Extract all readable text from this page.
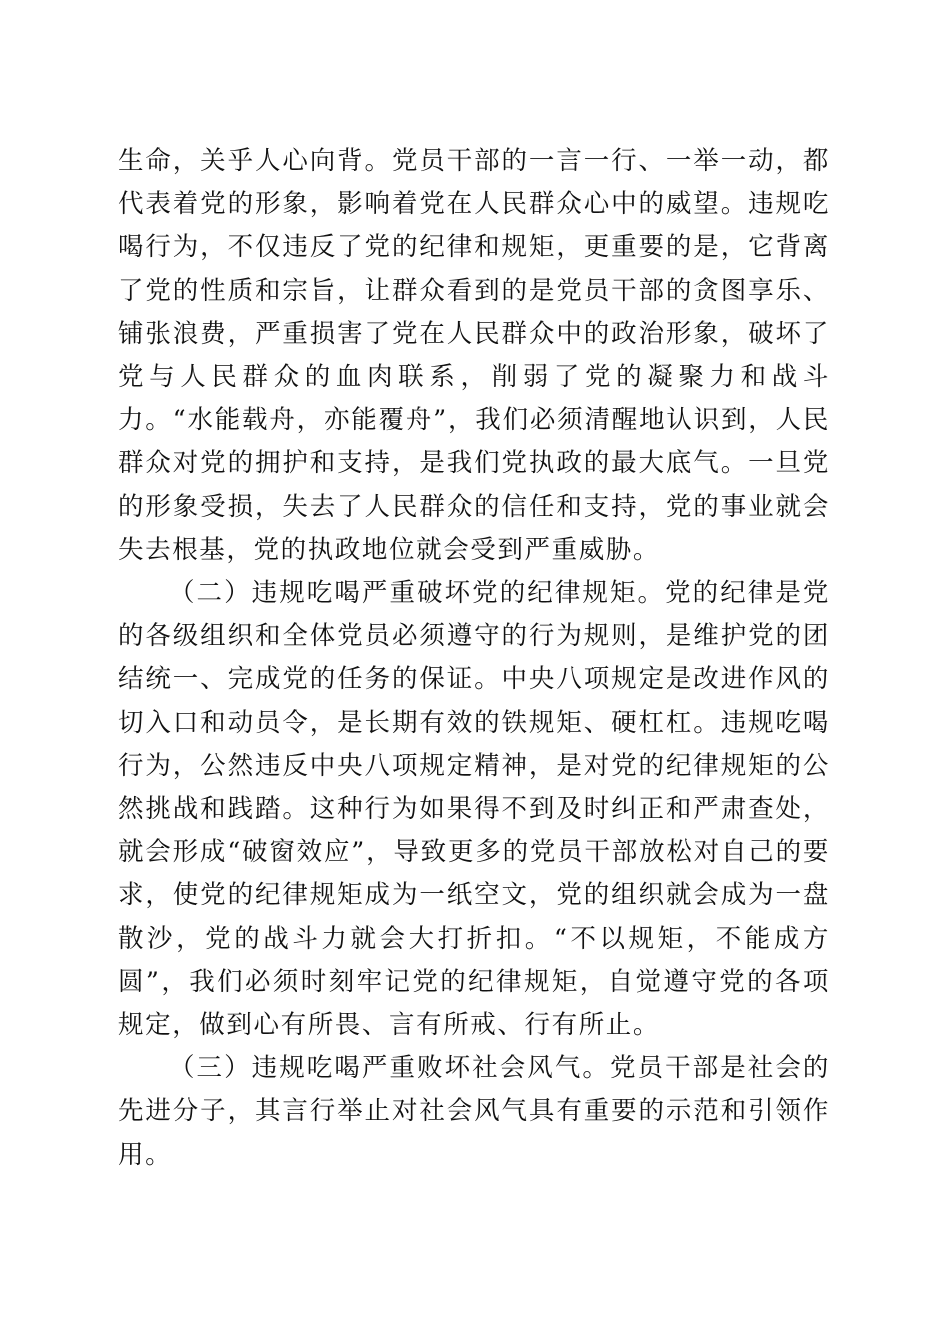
生命，关乎人心向背。党员干部的一言一行、一举一动，都代表着党的形象，影响着党在人民群众心中的威望。违规吃喝行为，不仅违反了党的纪律和规矩，更重要的是，它背离了党的性质和宗旨，让群众看到的是党员干部的贪图享乐、铺张浪费，严重损害了党在人民群众中的政治形象，破坏了党与人民群众的血肉联系，削弱了党的凝聚力和战斗力。“水能载舟，亦能覆舟”，我们必须清醒地认识到，人民群众对党的拥护和支持，是我们党执政的最大底气。一旦党的形象受损，失去了人民群众的信任和支持，党的事业就会失去根基，党的执政地位就会受到严重威胁。

（二）违规吃喝严重破坏党的纪律规矩。党的纪律是党的各级组织和全体党员必须遵守的行为规则，是维护党的团结统一、完成党的任务的保证。中央八项规定是改进作风的切入口和动员令，是长期有效的铁规矩、硬杠杠。违规吃喝行为，公然违反中央八项规定精神，是对党的纪律规矩的公然挑战和践踏。这种行为如果得不到及时纠正和严肃查处，就会形成“破窗效应”，导致更多的党员干部放松对自己的要求，使党的纪律规矩成为一纸空文，党的组织就会成为一盘散沙，党的战斗力就会大打折扣。“不以规矩，不能成方圆”，我们必须时刻牢记党的纪律规矩，自觉遵守党的各项规定，做到心有所畏、言有所戒、行有所止。

（三）违规吃喝严重败坏社会风气。党员干部是社会的先进分子，其言行举止对社会风气具有重要的示范和引领作用。
